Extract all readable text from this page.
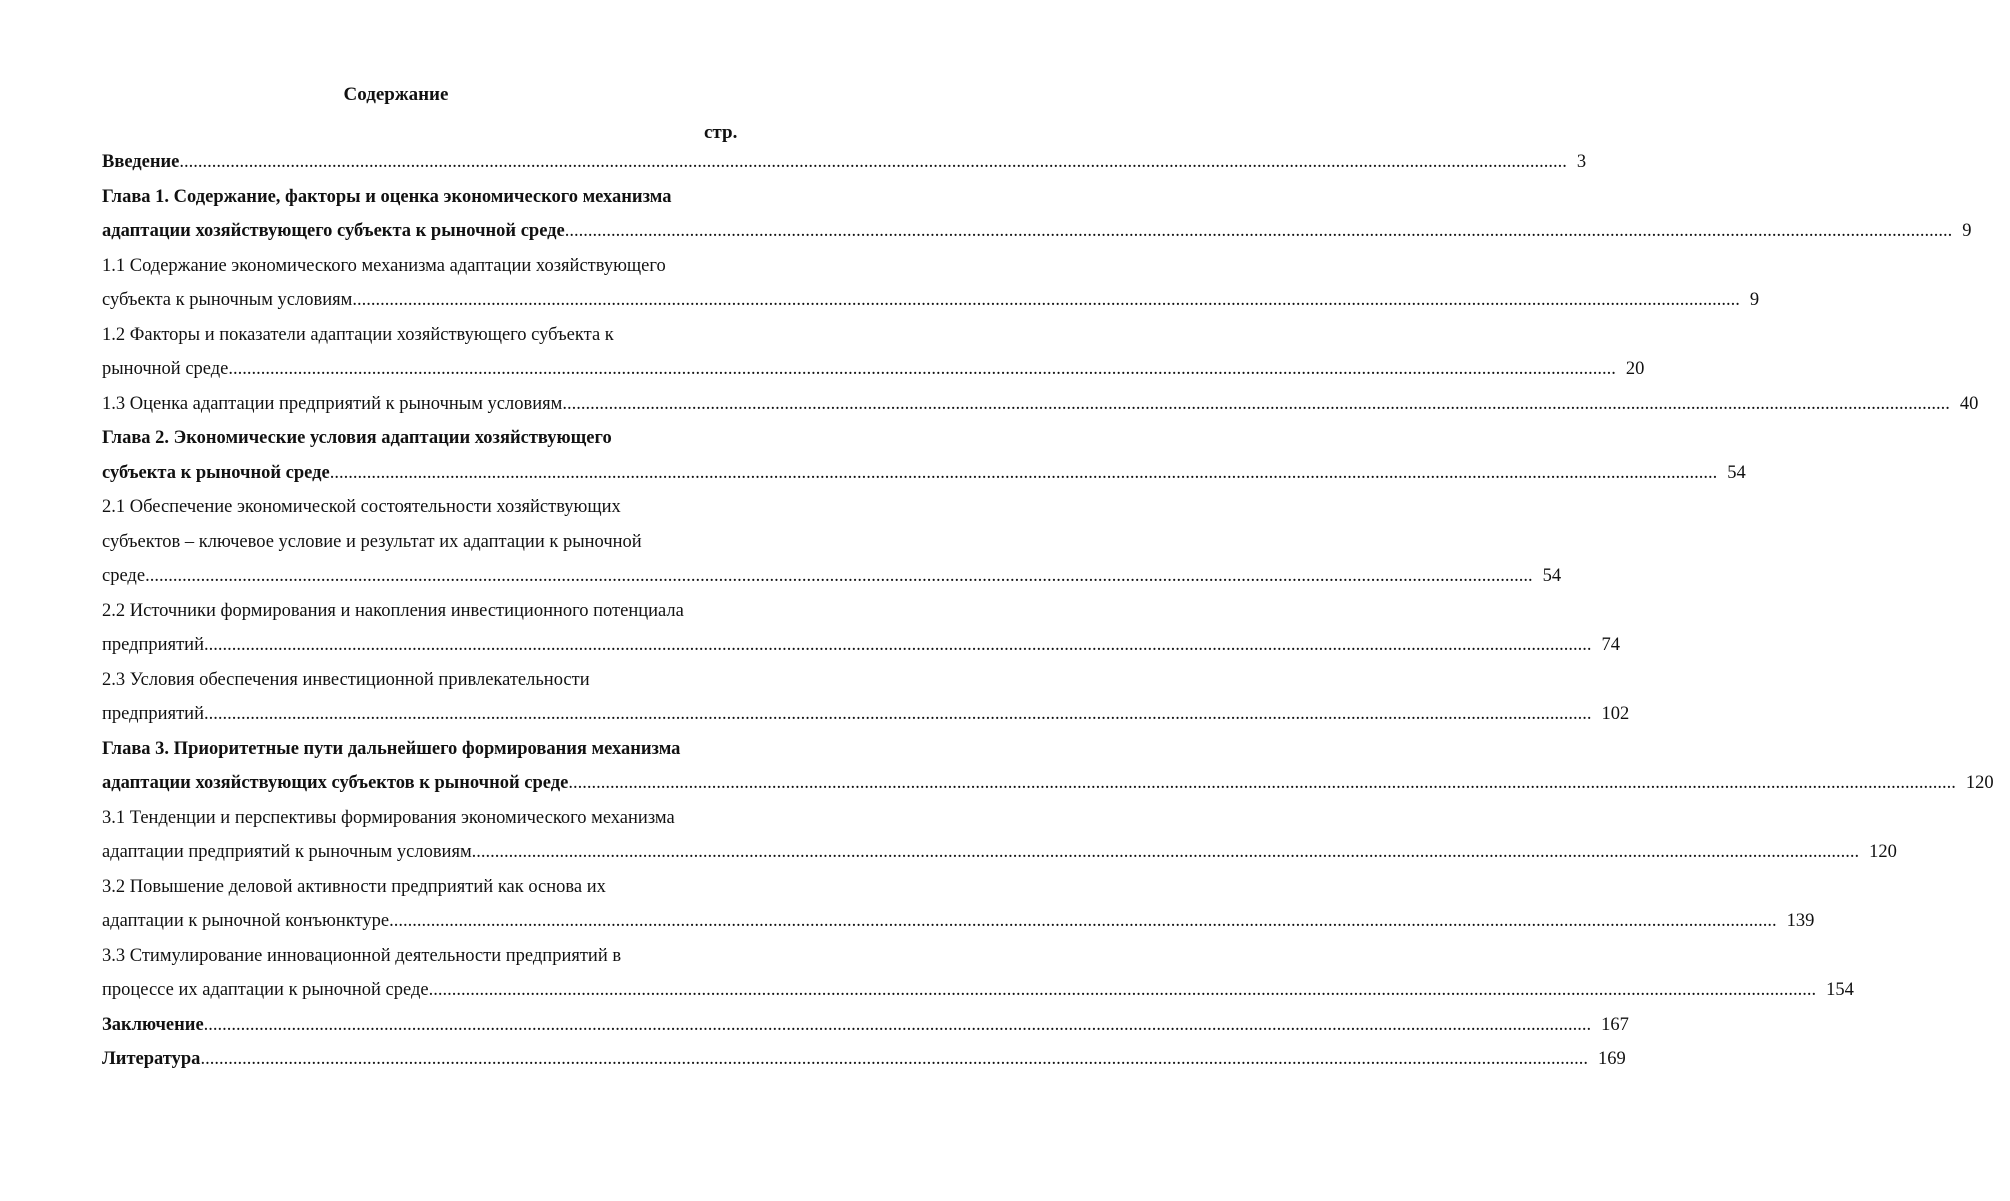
Содержание
стр.
Введение ............................................................................................................................................................................................................................................................................................................ 3
Глава 1. Содержание, факторы и оценка экономического механизма
адаптации хозяйствующего субъекта к рыночной среде ............................................................................................................................................................................................................................................................................................................ 9
1.1 Содержание экономического механизма адаптации хозяйствующего
субъекта к рыночным условиям ............................................................................................................................................................................................................................................................................................................ 9
1.2 Факторы и показатели адаптации хозяйствующего субъекта к
рыночной среде ............................................................................................................................................................................................................................................................................................................ 20
1.3 Оценка адаптации предприятий к рыночным условиям ............................................................................................................................................................................................................................................................................................................ 40
Глава 2. Экономические условия адаптации хозяйствующего
субъекта к рыночной среде ............................................................................................................................................................................................................................................................................................................ 54
2.1 Обеспечение экономической состоятельности хозяйствующих
субъектов – ключевое условие и результат их адаптации к рыночной
среде ............................................................................................................................................................................................................................................................................................................ 54
2.2 Источники формирования и накопления инвестиционного потенциала
предприятий ............................................................................................................................................................................................................................................................................................................ 74
2.3 Условия обеспечения инвестиционной привлекательности
предприятий ............................................................................................................................................................................................................................................................................................................ 102
Глава 3. Приоритетные пути дальнейшего формирования механизма
адаптации хозяйствующих субъектов к рыночной среде ............................................................................................................................................................................................................................................................................................................ 120
3.1 Тенденции и перспективы формирования экономического механизма
адаптации предприятий к рыночным условиям ............................................................................................................................................................................................................................................................................................................ 120
3.2 Повышение деловой активности предприятий как основа их
адаптации к рыночной конъюнктуре ............................................................................................................................................................................................................................................................................................................ 139
3.3 Стимулирование инновационной деятельности предприятий в
процессе их адаптации к рыночной среде ............................................................................................................................................................................................................................................................................................................ 154
Заключение ............................................................................................................................................................................................................................................................................................................ 167
Литература ............................................................................................................................................................................................................................................................................................................ 169
